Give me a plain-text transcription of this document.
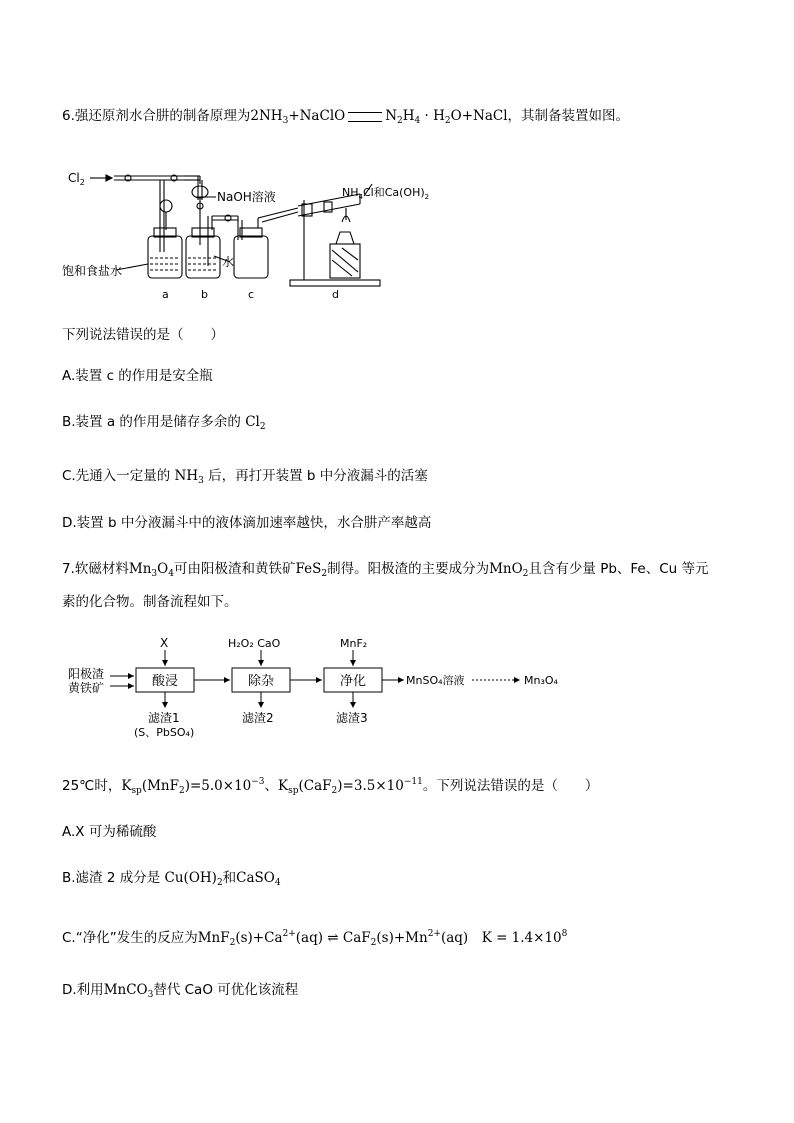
6.强还原剂水合肼的制备原理为$2NH_3+NaClO$	$N_2H_4$ · $H_2O+NaCl$，其制备装置如图。
$Cl_2$
NaOH溶液	$NH_4Cl$和$Ca(OH)_2$
饱和食盐水
水
a	b	c	d
下列说法错误的是（　　）
A.装置 c 的作用是安全瓶
B.装置 a 的作用是储存多余的 $Cl_2$
C.先通入一定量的 $NH_3$ 后，再打开装置 b 中分液漏斗的活塞
D.装置 b 中分液漏斗中的液体滴加速率越快，水合肼产率越高
7.软磁材料$Mn_3O_4$可由阳极渣和黄铁矿FeS$_2$制得。阳极渣的主要成分为MnO$_2$且含有少量 Pb、Fe、Cu 等元
素的化合物。制备流程如下。
阳极渣
黄铁矿
X
酸浸
H₂O₂ CaO
除杂
MnF₂
净化	MnSO₄溶液	Mn₃O₄
滤渣1
(S、PbSO₄)
滤渣2	滤渣3
25℃时，$K_{sp}(MnF_2)=5.0\times 10^{-3}$、$K_{sp}(CaF_2)=3.5\times 10^{-11}$。下列说法错误的是（　　）
A.X 可为稀硫酸
B.滤渣 2 成分是 $Cu(OH)_2$和CaSO$_4$
C.“净化”发生的反应为$MnF_2(s)+Ca^{2+}(aq)$ ⇌ $CaF_2(s)+Mn^{2+}(aq)$　$K = 1.4\times 10^8$
D.利用MnCO$_3$替代 CaO 可优化该流程
